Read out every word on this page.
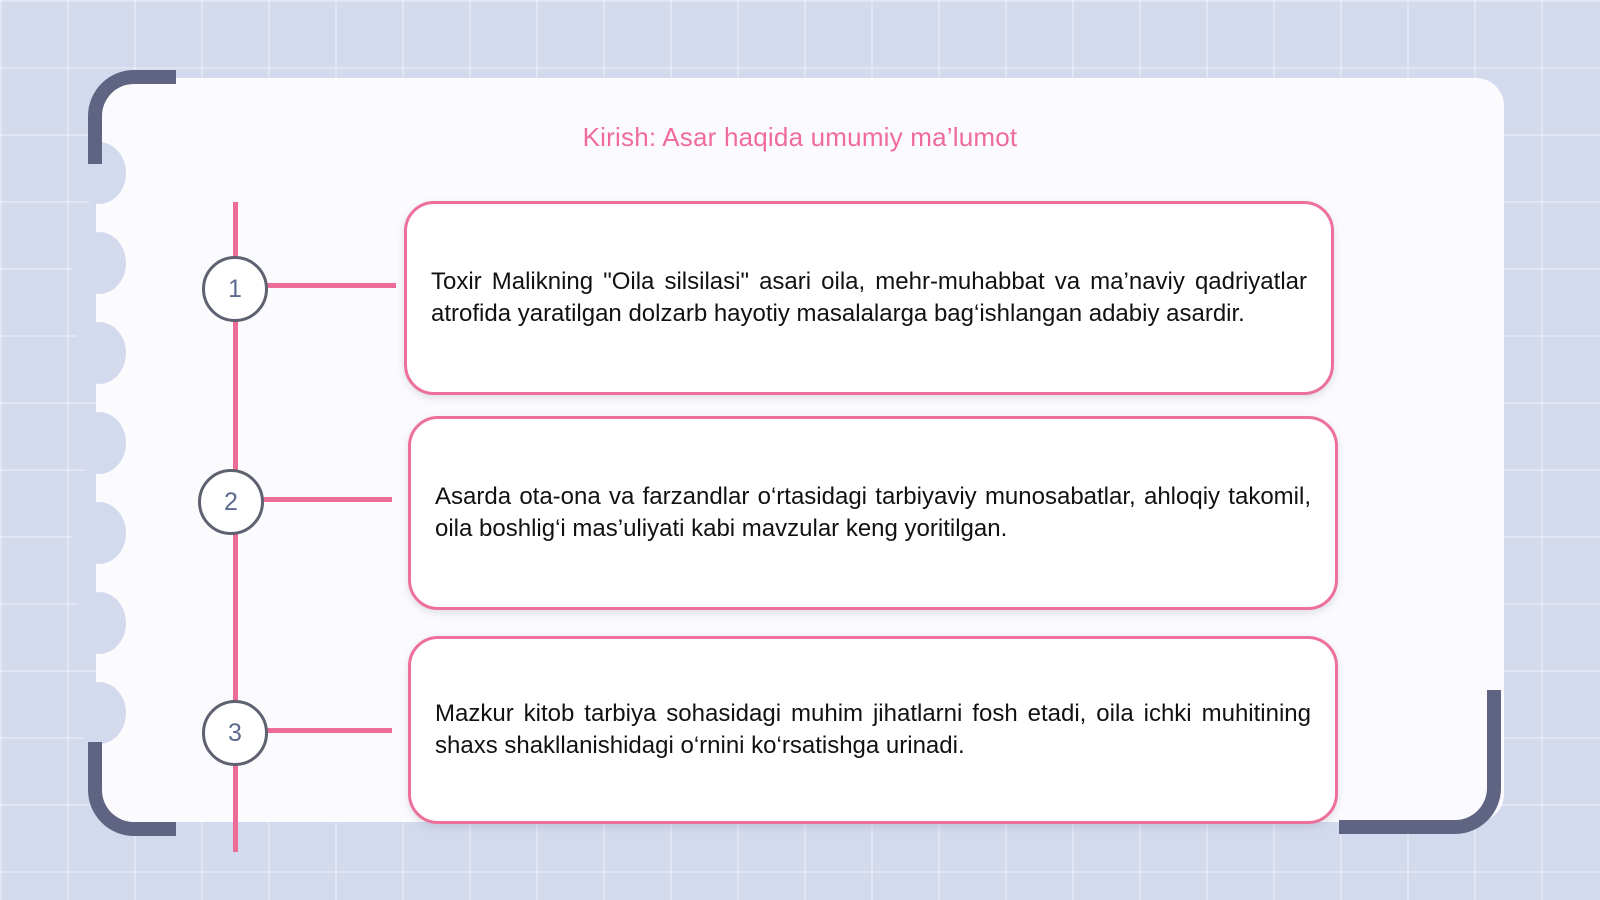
Kirish: Asar haqida umumiy ma’lumot
1
2
3

Toxir Malikning "Oila silsilasi" asari oila, mehr-muhabbat va ma’naviy qadriyatlar atrofida yaratilgan dolzarb hayotiy masalalarga bag‘ishlangan adabiy asardir.

Asarda ota-ona va farzandlar o‘rtasidagi tarbiyaviy munosabatlar, ahloqiy takomil, oila boshlig‘i mas’uliyati kabi mavzular keng yoritilgan.

Mazkur kitob tarbiya sohasidagi muhim jihatlarni fosh etadi, oila ichki muhitining shaxs shakllanishidagi o‘rnini ko‘rsatishga urinadi.
